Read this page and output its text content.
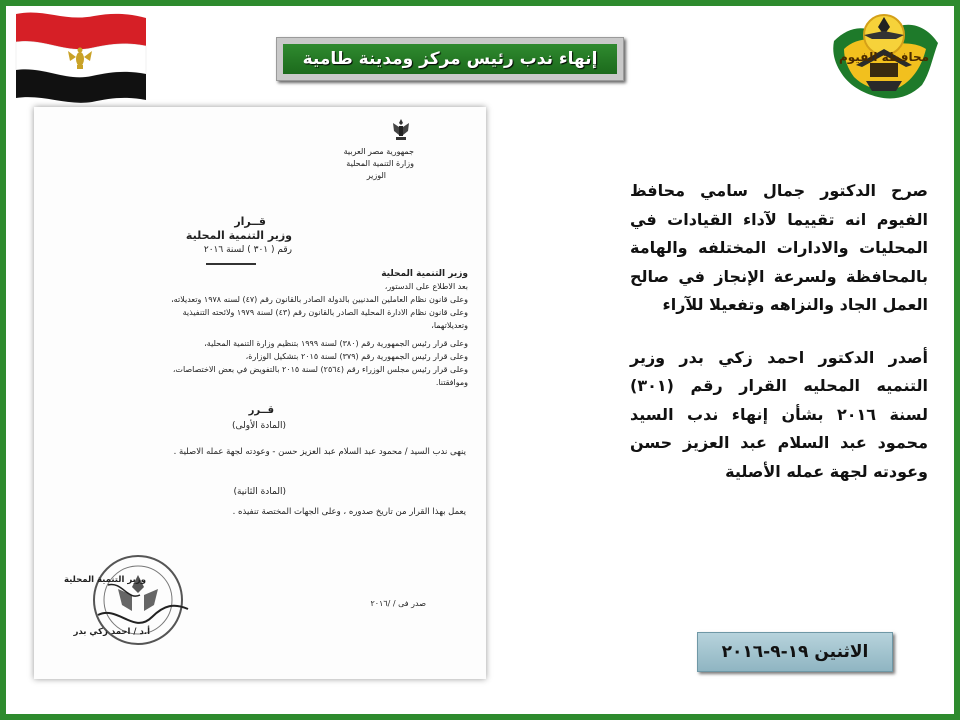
إنهاء ندب رئيس مركز ومدينة طامية	محافظة الفيوم
جمهورية مصر العربية
وزارة التنمية المحلية
الوزير
قــرار
وزير التنمية المحلية
رقم ( ٣٠١ ) لسنة ٢٠١٦
وزير التنمية المحلية
بعد الاطلاع على الدستور،
وعلى قانون نظام العاملين المدنيين بالدولة الصادر بالقانون رقم (٤٧) لسنه ١٩٧٨ وتعديلاته،
وعلى قانون نظام الادارة المحلية الصادر بالقانون رقم (٤٣) لسنة ١٩٧٩ ولائحته التنفيذية
وتعديلاتهما،
وعلى قرار رئيس الجمهورية رقم (٣٨٠) لسنة ١٩٩٩ بتنظيم وزارة التنمية المحلية،
وعلى قرار رئيس الجمهورية رقم (٣٧٩) لسنة ٢٠١٥ بتشكيل الوزارة،
وعلى قرار رئيس مجلس الوزراء رقم (٢٥٦٤) لسنة ٢٠١٥ بالتفويض في بعض الاختصاصات،
وموافقتنا.
قــرر
(المادة الأولى)
ينهى ندب السيد / محمود عبد السلام عبد العزيز حسن - وعودته لجهة عمله الاصلية .
(المادة الثانية)
يعمل بهذا القرار من تاريخ صدوره ، وعلى الجهات المختصة تنفيذه .
وزير التنمية المحلية
أ.د / احمد زكي بدر
صدر فى / /٢٠١٦

صرح الدكتور جمال سامي محافظ الفيوم انه تقييما لآداء القيادات في المحليات والادارات المختلفه والهامة بالمحافظة ولسرعة الإنجاز في صالح العمل الجاد والنزاهه وتفعيلا للآراء

أصدر الدكتور احمد زكي بدر وزير التنميه المحليه القرار رقم (٣٠١) لسنة ٢٠١٦ بشأن إنهاء ندب السيد محمود عبد السلام عبد العزيز حسن وعودته لجهة عمله الأصلية

الاثنين ١٩-٩-٢٠١٦
